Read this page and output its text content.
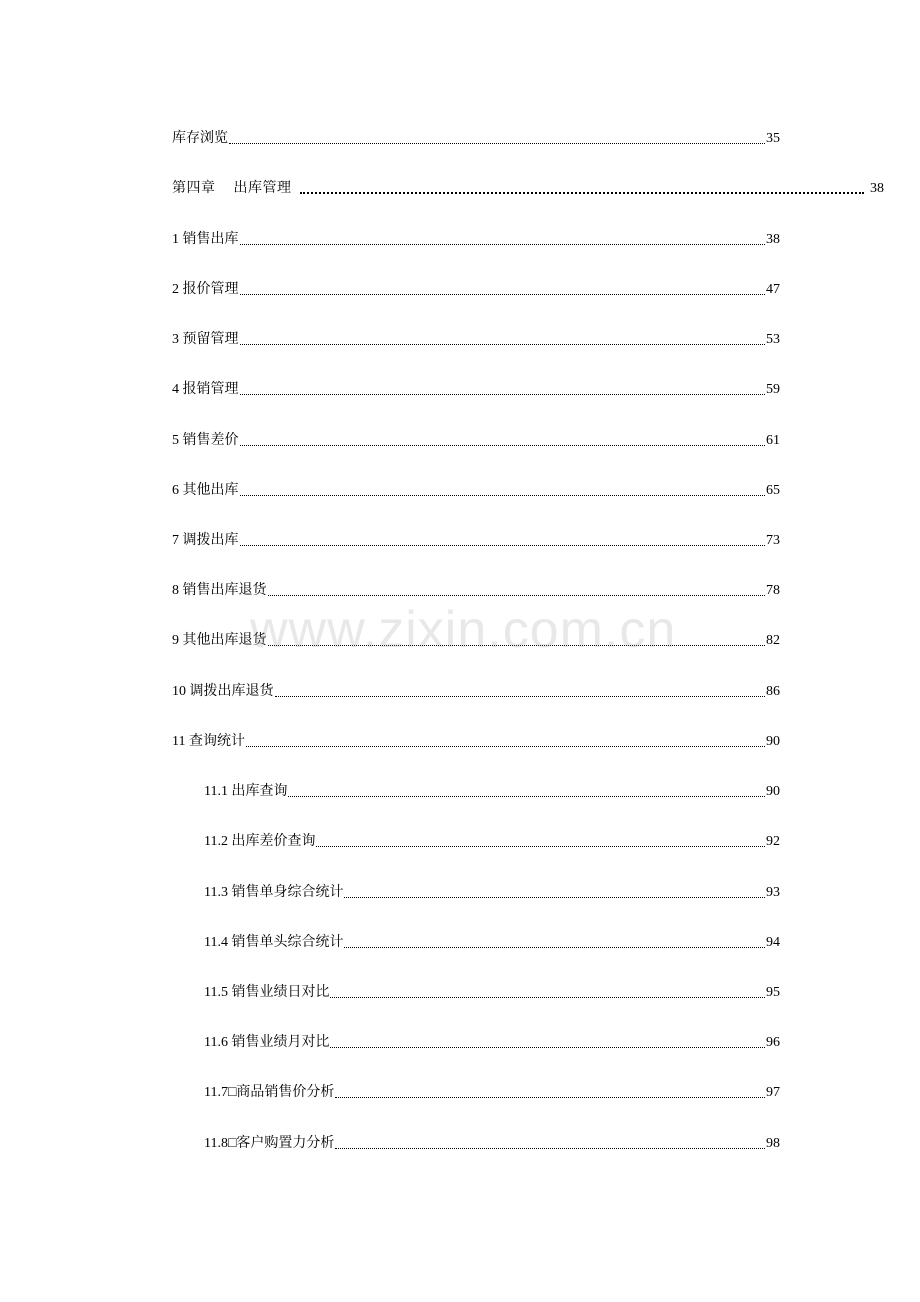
库存浏览	35
第四章 出库管理	38
1 销售出库	38
2 报价管理	47
3 预留管理	53
4 报销管理	59
5 销售差价	61
6 其他出库	65
7 调拨出库	73
8 销售出库退货	78
9 其他出库退货	82
10 调拨出库退货	86
11 查询统计	90
11.1 出库查询	90
11.2 出库差价查询	92
11.3 销售单身综合统计	93
11.4 销售单头综合统计	94
11.5 销售业绩日对比	95
11.6 销售业绩月对比	96
11.7□商品销售价分析	97
11.8□客户购置力分析	98
www.zixin.com.cn
